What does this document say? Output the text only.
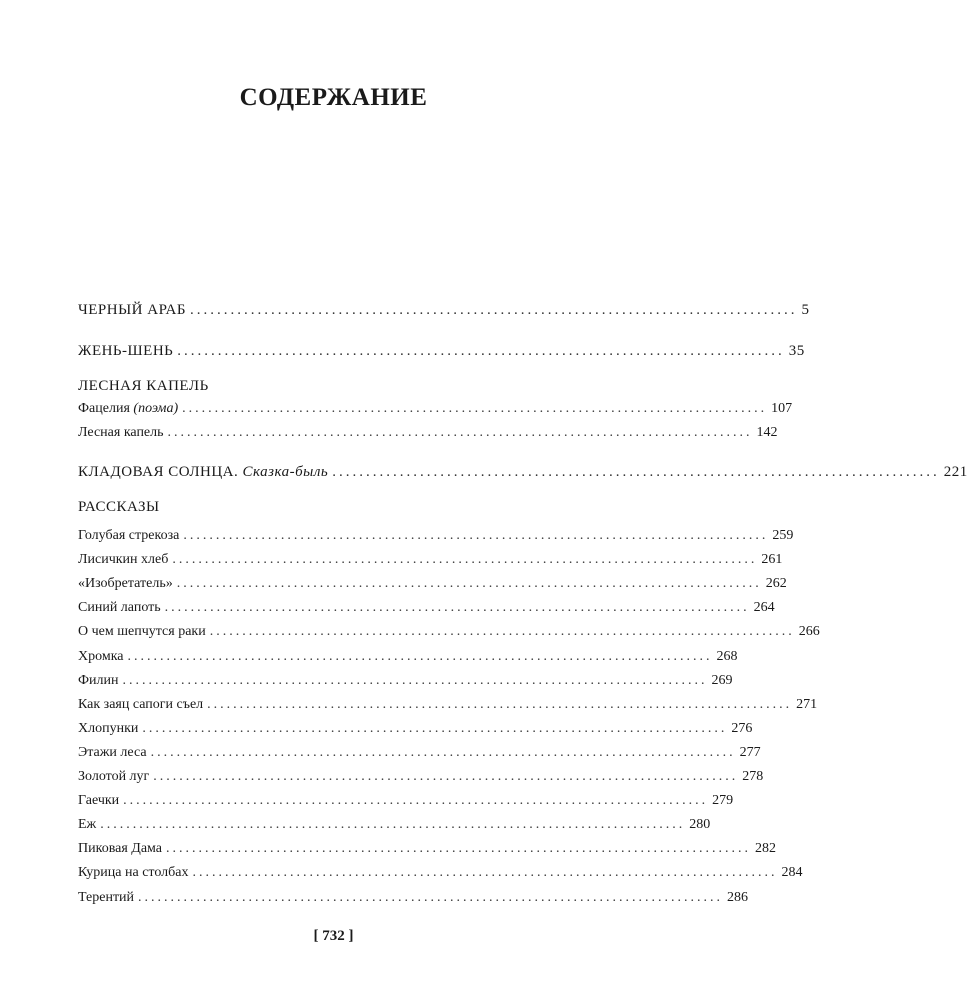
СОДЕРЖАНИЕ
ЧЕРНЫЙ АРАБ .......................................................................................... 5
ЖЕНЬ-ШЕНЬ .......................................................................................... 35
ЛЕСНАЯ КАПЕЛЬ
Фацелия (поэма) .......................................................................................... 107
Лесная капель .......................................................................................... 142
КЛАДОВАЯ СОЛНЦА. Сказка-быль .......................................................................................... 221
РАССКАЗЫ
Голубая стрекоза .......................................................................................... 259
Лисичкин хлеб .......................................................................................... 261
«Изобретатель» .......................................................................................... 262
Синий лапоть .......................................................................................... 264
О чем шепчутся раки .......................................................................................... 266
Хромка .......................................................................................... 268
Филин .......................................................................................... 269
Как заяц сапоги съел .......................................................................................... 271
Хлопунки .......................................................................................... 276
Этажи леса .......................................................................................... 277
Золотой луг .......................................................................................... 278
Гаечки .......................................................................................... 279
Еж .......................................................................................... 280
Пиковая Дама .......................................................................................... 282
Курица на столбах .......................................................................................... 284
Терентий .......................................................................................... 286
[ 732 ]
